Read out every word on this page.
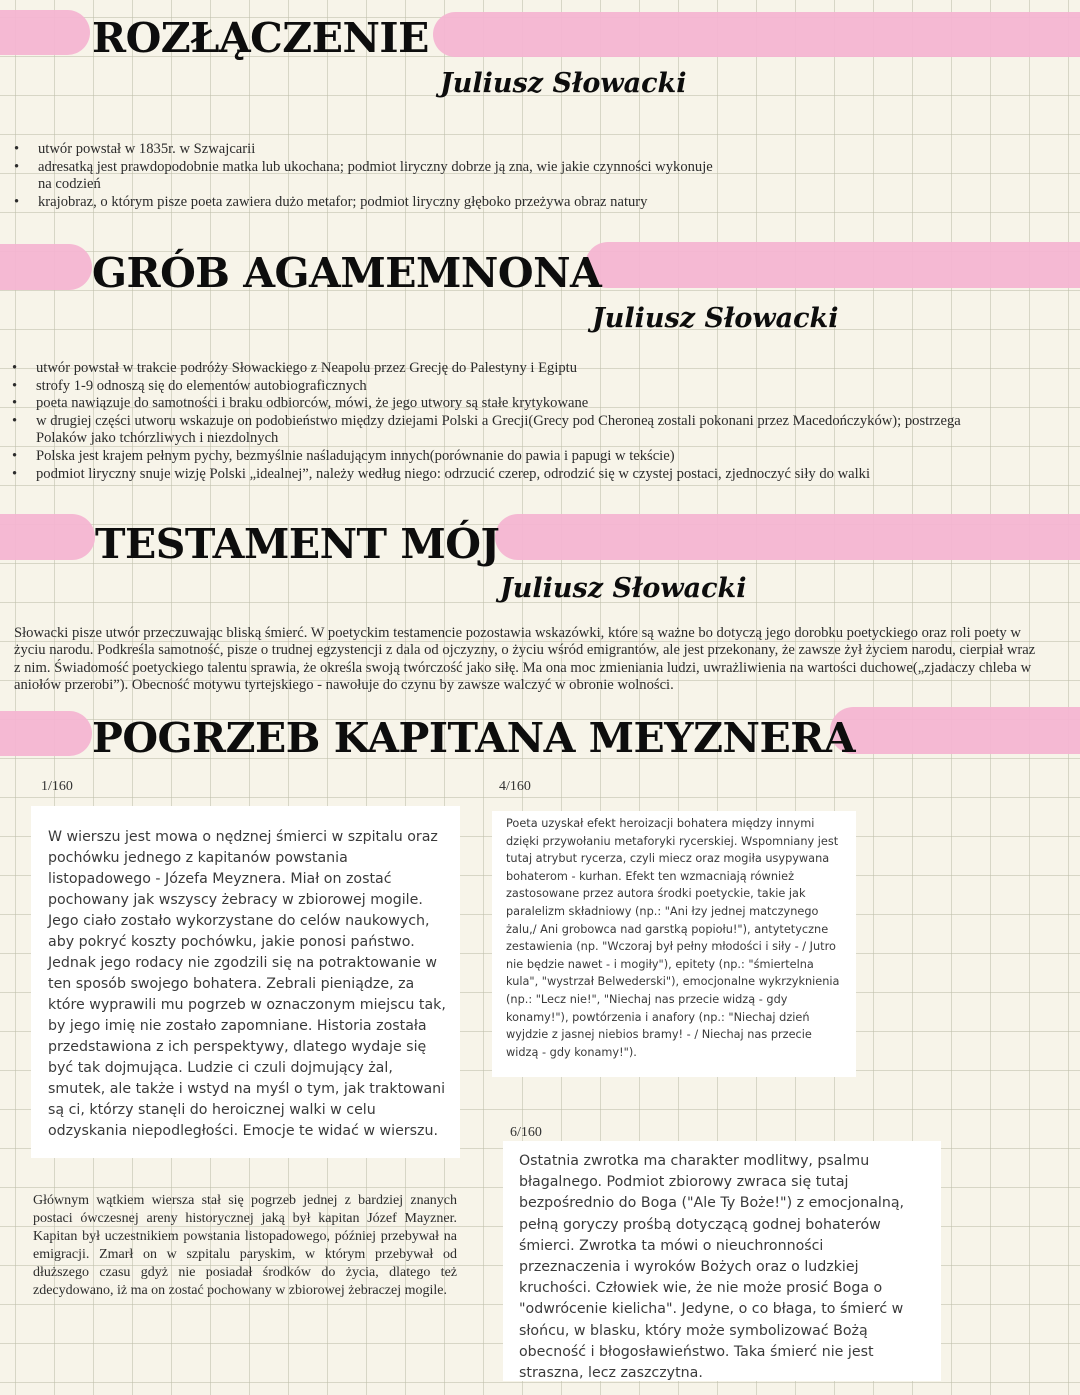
ROZŁĄCZENIE
Juliusz Słowacki
• utwór powstał w 1835r. w Szwajcarii
• adresatką jest prawdopodobnie matka lub ukochana; podmiot liryczny dobrze ją zna, wie jakie czynności wykonuje na codzień
• krajobraz, o którym pisze poeta zawiera dużo metafor; podmiot liryczny głęboko przeżywa obraz natury
GRÓB AGAMEMNONA
Juliusz Słowacki
• utwór powstał w trakcie podróży Słowackiego z Neapolu przez Grecję do Palestyny i Egiptu
• strofy 1-9 odnoszą się do elementów autobiograficznych
• poeta nawiązuje do samotności i braku odbiorców, mówi, że jego utwory są stałe krytykowane
• w drugiej części utworu wskazuje on podobieństwo między dziejami Polski a Grecji(Grecy pod Cheroneą zostali pokonani przez Macedończyków); postrzega Polaków jako tchórzliwych i niezdolnych
• Polska jest krajem pełnym pychy, bezmyślnie naśladującym innych(porównanie do pawia i papugi w tekście)
• podmiot liryczny snuje wizję Polski „idealnej”, należy według niego: odrzucić czerep, odrodzić się w czystej postaci, zjednoczyć siły do walki
TESTAMENT MÓJ
Juliusz Słowacki

Słowacki pisze utwór przeczuwając bliską śmierć. W poetyckim testamencie pozostawia wskazówki, które są ważne bo dotyczą jego dorobku poetyckiego oraz roli poety w życiu narodu. Podkreśla samotność, pisze o trudnej egzystencji z dala od ojczyzny, o życiu wśród emigrantów, ale jest przekonany, że zawsze żył życiem narodu, cierpiał wraz z nim. Świadomość poetyckiego talentu sprawia, że określa swoją twórczość jako siłę. Ma ona moc zmieniania ludzi, uwrażliwienia na wartości duchowe(„zjadaczy chleba w aniołów przerobi”). Obecność motywu tyrtejskiego - nawołuje do czynu by zawsze walczyć w obronie wolności.

POGRZEB KAPITANA MEYZNERA
1/160	4/160

W wierszu jest mowa o nędznej śmierci w szpitalu oraz pochówku jednego z kapitanów powstania listopadowego - Józefa Meyznera. Miał on zostać pochowany jak wszyscy żebracy w zbiorowej mogile. Jego ciało zostało wykorzystane do celów naukowych, aby pokryć koszty pochówku, jakie ponosi państwo. Jednak jego rodacy nie zgodzili się na potraktowanie w ten sposób swojego bohatera. Zebrali pieniądze, za które wyprawili mu pogrzeb w oznaczonym miejscu tak, by jego imię nie zostało zapomniane. Historia została przedstawiona z ich perspektywy, dlatego wydaje się być tak dojmująca. Ludzie ci czuli dojmujący żal, smutek, ale także i wstyd na myśl o tym, jak traktowani są ci, którzy stanęli do heroicznej walki w celu odzyskania niepodległości. Emocje te widać w wierszu.

Poeta uzyskał efekt heroizacji bohatera między innymi dzięki przywołaniu metaforyki rycerskiej. Wspomniany jest tutaj atrybut rycerza, czyli miecz oraz mogiła usypywana bohaterom - kurhan. Efekt ten wzmacniają również zastosowane przez autora środki poetyckie, takie jak paralelizm składniowy (np.: "Ani łzy jednej matczynego żalu,/ Ani grobowca nad garstką popiołu!"), antytetyczne zestawienia (np. "Wczoraj był pełny młodości i siły - / Jutro nie będzie nawet - i mogiły"), epitety (np.: "śmiertelna kula", "wystrzał Belwederski"), emocjonalne wykrzyknienia (np.: "Lecz nie!", "Niechaj nas przecie widzą - gdy konamy!"), powtórzenia i anafory (np.: "Niechaj dzień wyjdzie z jasnej niebios bramy! - / Niechaj nas przecie widzą - gdy konamy!").

6/160

Ostatnia zwrotka ma charakter modlitwy, psalmu błagalnego. Podmiot zbiorowy zwraca się tutaj bezpośrednio do Boga ("Ale Ty Boże!") z emocjonalną, pełną goryczy prośbą dotyczącą godnej bohaterów śmierci. Zwrotka ta mówi o nieuchronności przeznaczenia i wyroków Bożych oraz o ludzkiej kruchości. Człowiek wie, że nie może prosić Boga o "odwrócenie kielicha". Jedyne, o co błaga, to śmierć w słońcu, w blasku, który może symbolizować Bożą obecność i błogosławieństwo. Taka śmierć nie jest straszna, lecz zaszczytna.

Głównym wątkiem wiersza stał się pogrzeb jednej z bardziej znanych postaci ówczesnej areny historycznej jaką był kapitan Józef Mayzner. Kapitan był uczestnikiem powstania listopadowego, później przebywał na emigracji. Zmarł on w szpitalu paryskim, w którym przebywał od dłuższego czasu gdyż nie posiadał środków do życia, dlatego też zdecydowano, iż ma on zostać pochowany w zbiorowej żebraczej mogile.
